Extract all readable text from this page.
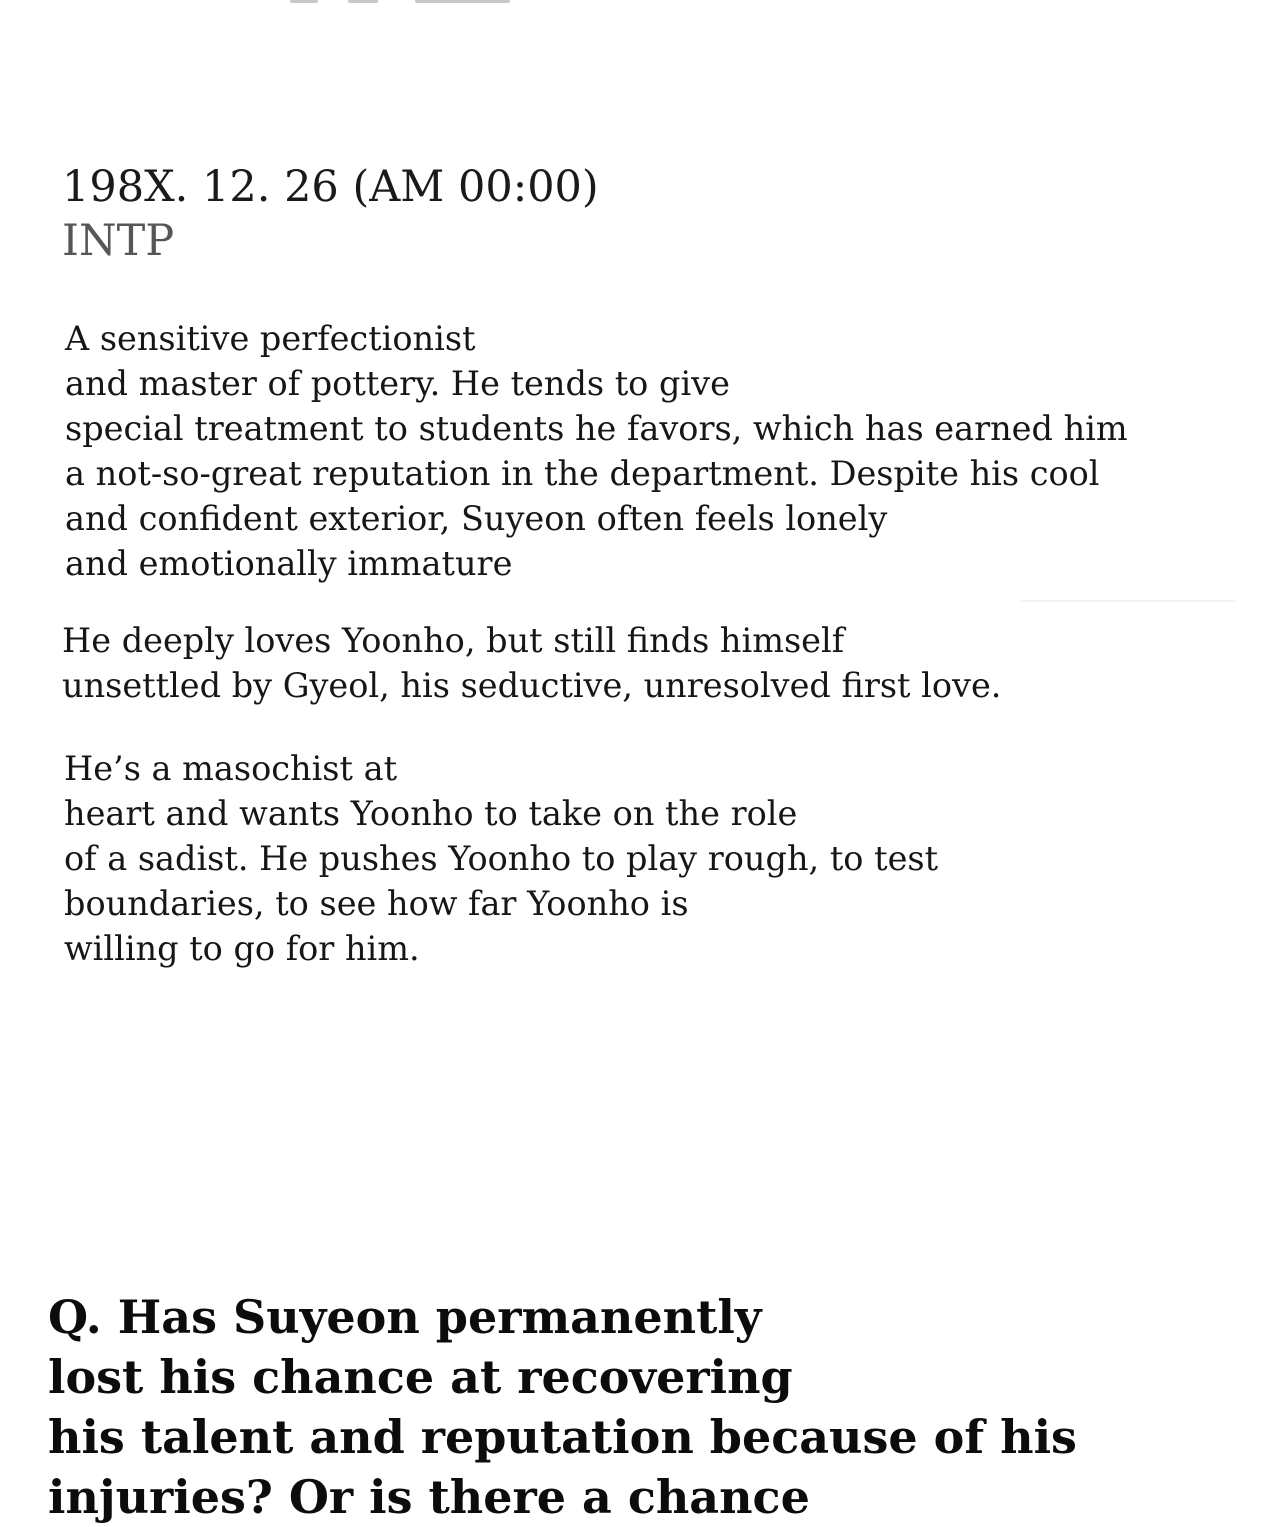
198X. 12. 26 (AM 00:00)
INTP

A sensitive perfectionist
and master of pottery. He tends to give
special treatment to students he favors, which has earned him
a not-so-great reputation in the department. Despite his cool
and confident exterior, Suyeon often feels lonely
and emotionally immature

He deeply loves Yoonho, but still finds himself
unsettled by Gyeol, his seductive, unresolved first love.

He’s a masochist at
heart and wants Yoonho to take on the role
of a sadist. He pushes Yoonho to play rough, to test
boundaries, to see how far Yoonho is
willing to go for him.

Q. Has Suyeon permanently
lost his chance at recovering
his talent and reputation because of his
injuries? Or is there a chance
